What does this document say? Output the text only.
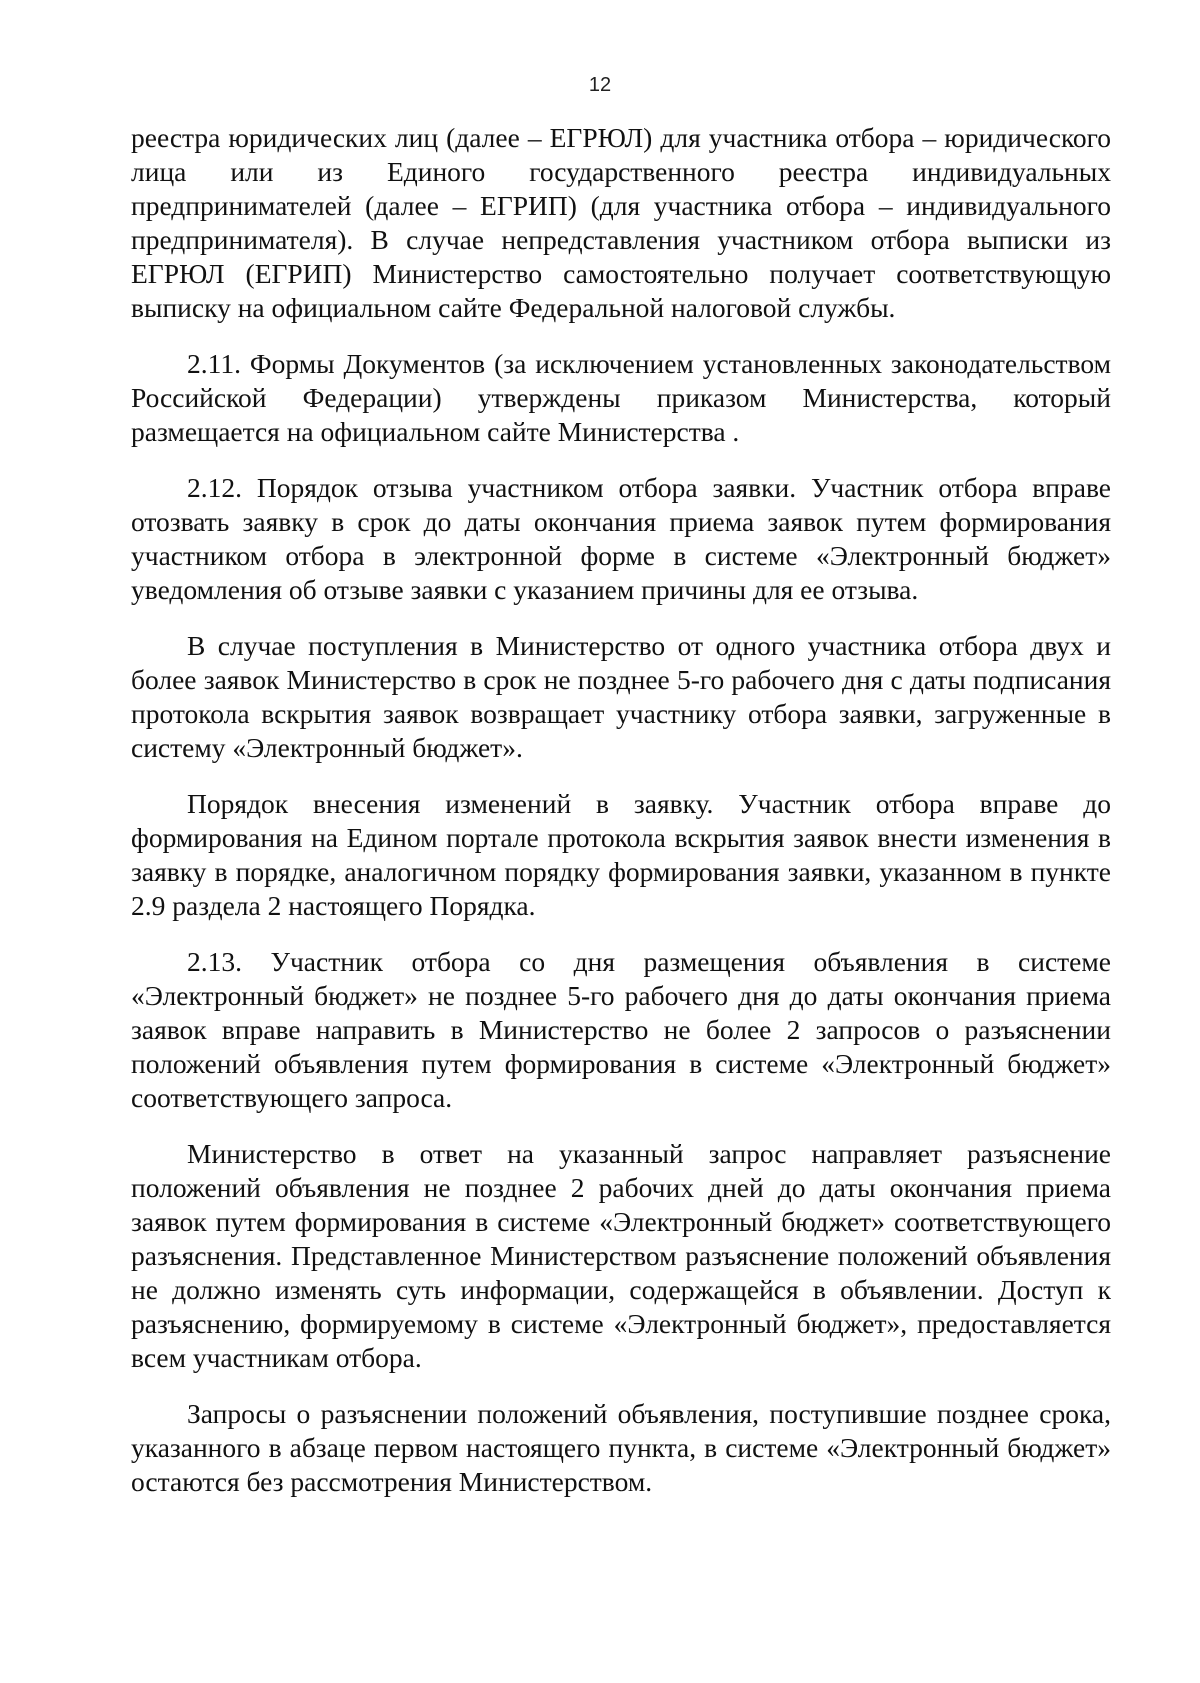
12

реестра юридических лиц (далее – ЕГРЮЛ) для участника отбора – юридического лица или из Единого государственного реестра индивидуальных предпринимателей (далее – ЕГРИП) (для участника отбора – индивидуального предпринимателя). В случае непредставления участником отбора выписки из ЕГРЮЛ (ЕГРИП) Министерство самостоятельно получает соответствующую выписку на официальном сайте Федеральной налоговой службы.

2.11. Формы Документов (за исключением установленных законодательством Российской Федерации) утверждены приказом Министерства, который размещается на официальном сайте Министерства .

2.12. Порядок отзыва участником отбора заявки. Участник отбора вправе отозвать заявку в срок до даты окончания приема заявок путем формирования участником отбора в электронной форме в системе «Электронный бюджет» уведомления об отзыве заявки с указанием причины для ее отзыва.

В случае поступления в Министерство от одного участника отбора двух и более заявок Министерство в срок не позднее 5-го рабочего дня с даты подписания протокола вскрытия заявок возвращает участнику отбора заявки, загруженные в систему «Электронный бюджет».

Порядок внесения изменений в заявку. Участник отбора вправе до формирования на Едином портале протокола вскрытия заявок внести изменения в заявку в порядке, аналогичном порядку формирования заявки, указанном в пункте 2.9 раздела 2 настоящего Порядка.

2.13. Участник отбора со дня размещения объявления в системе «Электронный бюджет» не позднее 5-го рабочего дня до даты окончания приема заявок вправе направить в Министерство не более 2 запросов о разъяснении положений объявления путем формирования в системе «Электронный бюджет» соответствующего запроса.

Министерство в ответ на указанный запрос направляет разъяснение положений объявления не позднее 2 рабочих дней до даты окончания приема заявок путем формирования в системе «Электронный бюджет» соответствующего разъяснения. Представленное Министерством разъяснение положений объявления не должно изменять суть информации, содержащейся в объявлении. Доступ к разъяснению, формируемому в системе «Электронный бюджет», предоставляется всем участникам отбора.

Запросы о разъяснении положений объявления, поступившие позднее срока, указанного в абзаце первом настоящего пункта, в системе «Электронный бюджет» остаются без рассмотрения Министерством.
